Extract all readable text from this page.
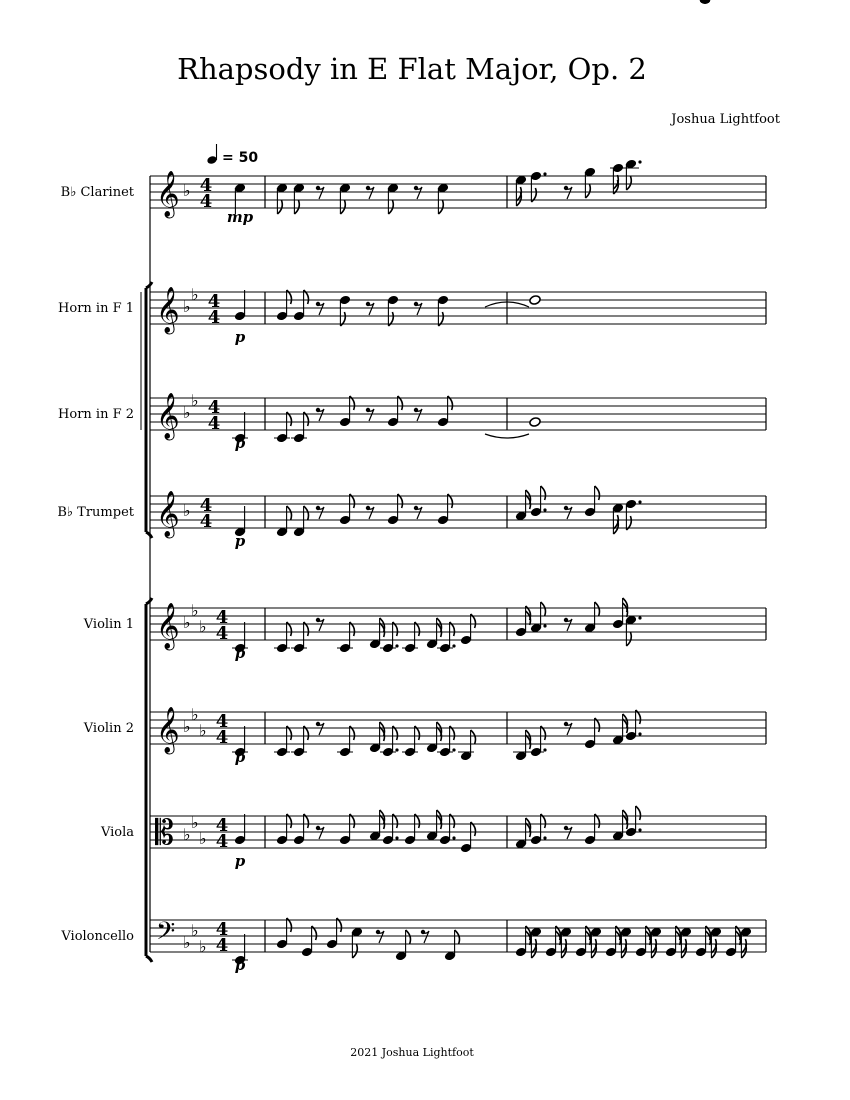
Rhapsody in E Flat Major, Op. 2
Joshua Lightfoot
2021 Joshua Lightfoot
B♭ Clarinet 𝄞 ♭ 4
4
mp
Horn in F 1 𝄞 ♭
♭ 4
4
p
Horn in F 2 𝄞 ♭
♭ 4
4
p
B♭ Trumpet 𝄞 ♭ 4
4
p
Violin 1 𝄞 ♭
♭
♭ 4
4
p
Violin 2 𝄞 ♭
♭
♭ 4
4
p
Viola 𝄡 ♭
♭
♭
4
4
p
Violoncello 𝄢 ♭
♭
♭
4
4
p
= 50
